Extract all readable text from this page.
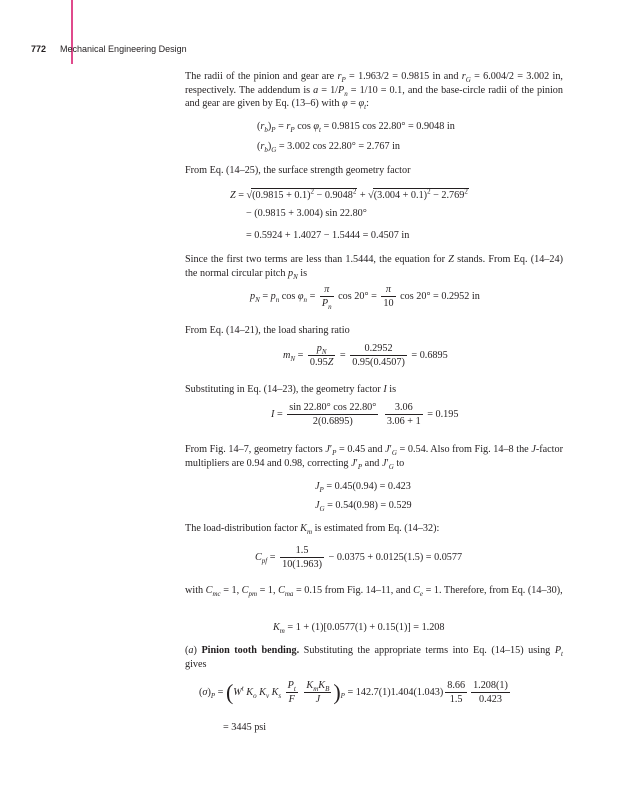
772 Mechanical Engineering Design

The radii of the pinion and gear are $r_P = 1.963/2 = 0.9815$ in and $r_G = 6.004/2 = 3.002$ in, respectively. The addendum is $a = 1/P_n = 1/10 = 0.1$, and the base-circle radii of the pinion and gear are given by Eq. (13–6) with $\varphi = \varphi_t$:

$(r_b)_P = r_P$ $\cos \varphi_t = 0.9815$ cos 22.80° = 0.9048 in
$(r_b)_G = 3.002$ cos 22.80° = 2.767 in

From Eq. (14–25), the surface strength geometry factor

$Z = √(0.9815 + 0.1)^2 - 0.9048^2 + √(3.004 + 0.1)^2 - 2.769^2$
− (0.9815 + 3.004) sin 22.80°
= 0.5924 + 1.4027 − 1.5444 = 0.4507 in

Since the first two terms are less than 1.5444, the equation for Z stands. From Eq. (14–24) the normal circular pitch $p_N$ is

$p_N = p_n$ $\cos \varphi_n = \frac{\pi}{P_n}$ $\cos 20^\circ = \frac{\pi}{10}$ cos 20° = 0.2952 in

From Eq. (14–21), the load sharing ratio

$m_N = \frac{p_N}{0.95Z} = \frac{0.2952}{0.95(0.4507)} = 0.6895$

Substituting in Eq. (14–23), the geometry factor I is

$I = \frac{\sin 22.80^\circ \cos 22.80^\circ}{2(0.6895)}$
$\frac{3.06}{3.06 + 1} = 0.195$

From Fig. 14–7, geometry factors $J'_P = 0.45$ and $J'_G = 0.54$. Also from Fig. 14–8 the J-factor multipliers are 0.94 and 0.98, correcting $J'_P$ and $J'_G$ to

$J_P = 0.45(0.94) = 0.423$
$J_G = 0.54(0.98) = 0.529$

The load-distribution factor $K_m$ is estimated from Eq. (14–32):

$C_{pf} = \frac{1.5}{10(1.963)} - 0.0375 + 0.0125(1.5) = 0.0577$

with $C_{mc} = 1$, $C_{pm} = 1$, $C_{ma} = 0.15$ from Fig. 14–11, and $C_e = 1$. Therefore, from Eq. (14–30),

$K_m = 1 + (1)[0.0577(1) + 0.15(1)] = 1.208$

(a) Pinion tooth bending. Substituting the appropriate terms into Eq. (14–15) using $P_t$ gives

$(\sigma)_P = (W^t$ $K_o$ $K_v$ $K_s \frac{P_t}{F}$
$\frac{K_mK_B}{J} )_P = 142.7(1)1.404(1.043) \frac{8.66}{1.5} \frac{1.208(1)}{0.423}$
= 3445 psi
